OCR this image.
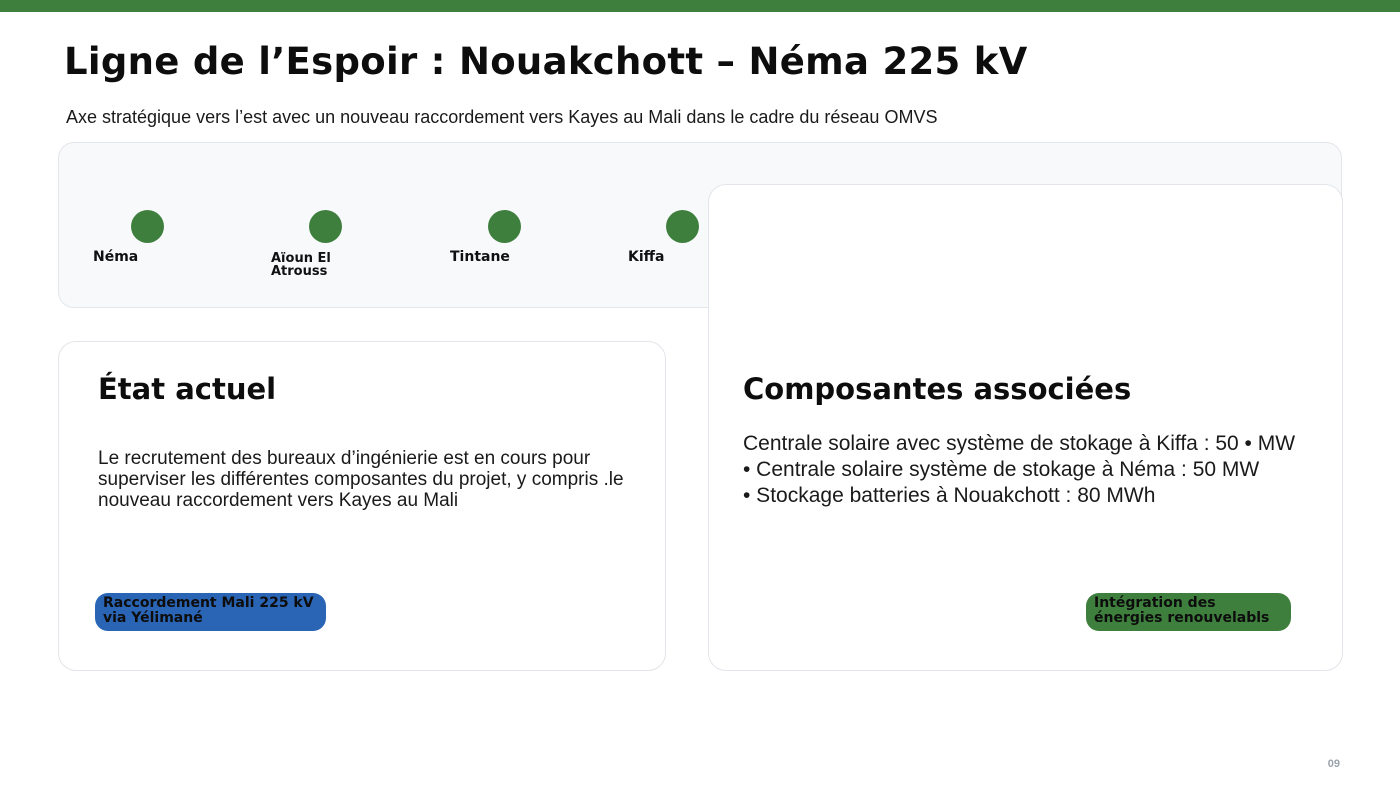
Ligne de l’Espoir : Nouakchott – Néma 225 kV

Axe stratégique vers l’est avec un nouveau raccordement vers Kayes au Mali dans le cadre du réseau OMVS

Néma	Aïoun El Atrouss
Tintane	Kiffa
État actuel

Le recrutement des bureaux d’ingénierie est en cours pour superviser les différentes composantes du projet, y compris .le nouveau raccordement vers Kayes au Mali

Raccordement Mali 225 kV via Yélimané
Composantes associées
Centrale solaire avec système de stokage à Kiffa : 50 • MW
• Centrale solaire système de stokage à Néma : 50 MW
• Stockage batteries à Nouakchott : 80 MWh
Intégration des énergies renouvelabls
09
